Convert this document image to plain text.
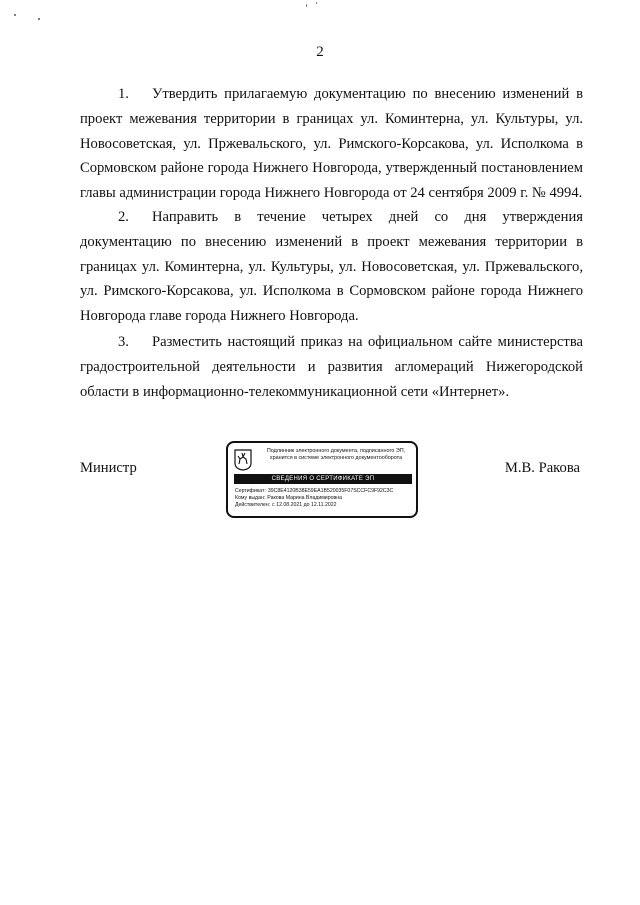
2

1. Утвердить прилагаемую документацию по внесению изменений в проект межевания территории в границах ул. Коминтерна, ул. Культуры, ул. Новосоветская, ул. Пржевальского, ул. Римского-Корсакова, ул. Исполкома в Сормовском районе города Нижнего Новгорода, утвержденный постановлением главы администрации города Нижнего Новгорода от 24 сентября 2009 г. № 4994.

2. Направить в течение четырех дней со дня утверждения документацию по внесению изменений в проект межевания территории в границах ул. Коминтерна, ул. Культуры, ул. Новосоветская, ул. Пржевальского, ул. Римского-Корсакова, ул. Исполкома в Сормовском районе города Нижнего Новгорода главе города Нижнего Новгорода.

3. Разместить настоящий приказ на официальном сайте министерства градостроительной деятельности и развития агломераций Нижегородской области в информационно-телекоммуникационной сети «Интернет».

Министр	М.В. Ракова
Подлинник электронного документа, подписанного ЭП, хранится в системе электронного документооборота
СВЕДЕНИЯ О СЕРТИФИКАТЕ ЭП
Сертификат: 39C8E4120B38E59EA1B520035F07SCCFC9F92C3C
Кому выдан: Ракова Марина Владимировна
Действителен: с 12.08.2021 до 12.11.2022
